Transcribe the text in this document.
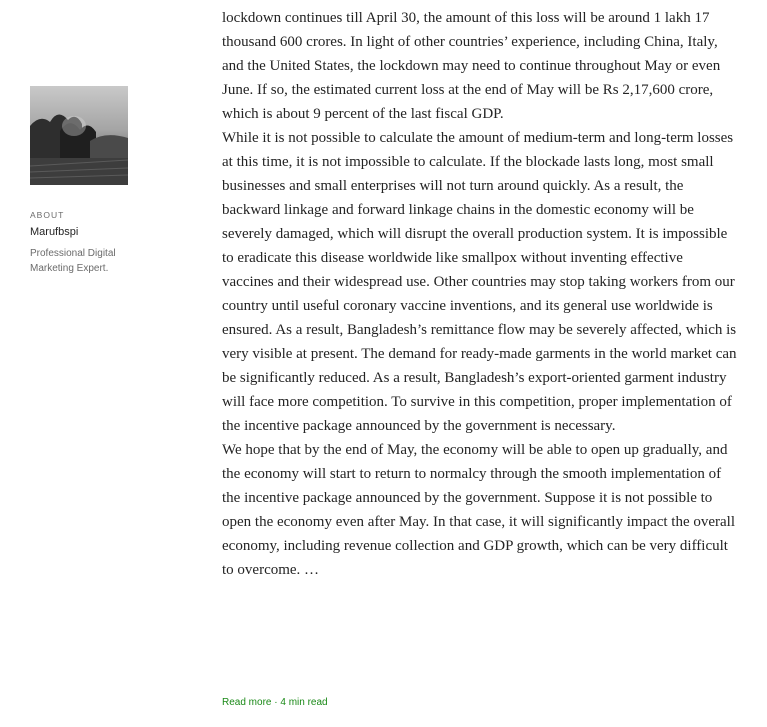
ABOUT
Marufbspi
Professional Digital
Marketing Expert.

lockdown continues till April 30, the amount of this loss will be around 1 lakh 17 thousand 600 crores. In light of other countries’ experience, including China, Italy, and the United States, the lockdown may need to continue throughout May or even June. If so, the estimated current loss at the end of May will be Rs 2,17,600 crore, which is about 9 percent of the last fiscal GDP.

While it is not possible to calculate the amount of medium-term and long-term losses at this time, it is not impossible to calculate. If the blockade lasts long, most small businesses and small enterprises will not turn around quickly. As a result, the backward linkage and forward linkage chains in the domestic economy will be severely damaged, which will disrupt the overall production system. It is impossible to eradicate this disease worldwide like smallpox without inventing effective vaccines and their widespread use. Other countries may stop taking workers from our country until useful coronary vaccine inventions, and its general use worldwide is ensured. As a result, Bangladesh’s remittance flow may be severely affected, which is very visible at present. The demand for ready-made garments in the world market can be significantly reduced. As a result, Bangladesh’s export-oriented garment industry will face more competition. To survive in this competition, proper implementation of the incentive package announced by the government is necessary.

We hope that by the end of May, the economy will be able to open up gradually, and the economy will start to return to normalcy through the smooth implementation of the incentive package announced by the government. Suppose it is not possible to open the economy even after May. In that case, it will significantly impact the overall economy, including revenue collection and GDP growth, which can be very difficult to overcome. …

Read more · 4 min read
